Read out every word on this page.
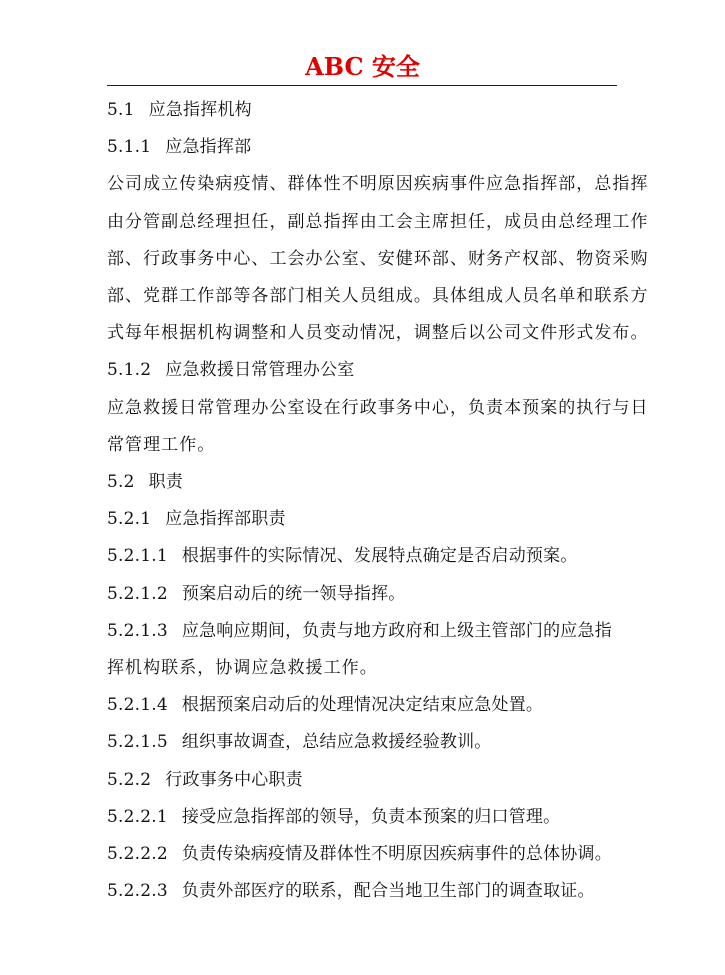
ABC 安全
5.1 应急指挥机构
5.1.1 应急指挥部
公司成立传染病疫情、群体性不明原因疾病事件应急指挥部，总指挥
由分管副总经理担任，副总指挥由工会主席担任，成员由总经理工作
部、行政事务中心、工会办公室、安健环部、财务产权部、物资采购
部、党群工作部等各部门相关人员组成。具体组成人员名单和联系方
式每年根据机构调整和人员变动情况，调整后以公司文件形式发布。
5.1.2 应急救援日常管理办公室
应急救援日常管理办公室设在行政事务中心，负责本预案的执行与日
常管理工作。
5.2 职责
5.2.1 应急指挥部职责
5.2.1.1 根据事件的实际情况、发展特点确定是否启动预案。
5.2.1.2 预案启动后的统一领导指挥。
5.2.1.3 应急响应期间，负责与地方政府和上级主管部门的应急指
挥机构联系，协调应急救援工作。
5.2.1.4 根据预案启动后的处理情况决定结束应急处置。
5.2.1.5 组织事故调查，总结应急救援经验教训。
5.2.2 行政事务中心职责
5.2.2.1 接受应急指挥部的领导，负责本预案的归口管理。
5.2.2.2 负责传染病疫情及群体性不明原因疾病事件的总体协调。
5.2.2.3 负责外部医疗的联系，配合当地卫生部门的调查取证。
